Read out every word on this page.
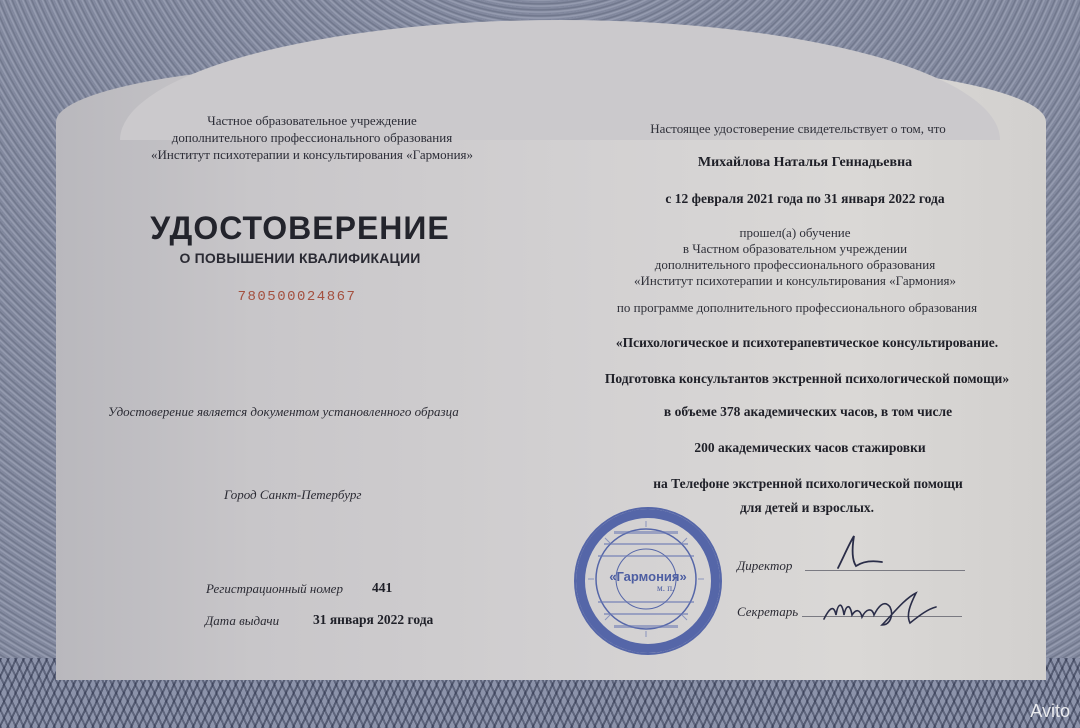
Частное образовательное учреждение
дополнительного профессионального образования
«Институт психотерапии и консультирования «Гармония»
УДОСТОВЕРЕНИЕ
О ПОВЫШЕНИИ КВАЛИФИКАЦИИ
780500024867
Удостоверение является документом установленного образца
Город Санкт-Петербург
Регистрационный номер 441
Дата выдачи	31 января 2022 года
Настоящее удостоверение свидетельствует о том, что
Михайлова Наталья Геннадьевна
с 12 февраля 2021 года по 31 января 2022 года
прошел(а) обучение
в Частном образовательном учреждении
дополнительного профессионального образования
«Институт психотерапии и консультирования «Гармония»
по программе дополнительного профессионального образования
«Психологическое и психотерапевтическое консультирование.
Подготовка консультантов экстренной психологической помощи»
в объеме 378 академических часов, в том числе
200 академических часов стажировки
на Телефоне экстренной психологической помощи
для детей и взрослых.
«Гармония»
м. п.
Директор
Секретарь
Avito
